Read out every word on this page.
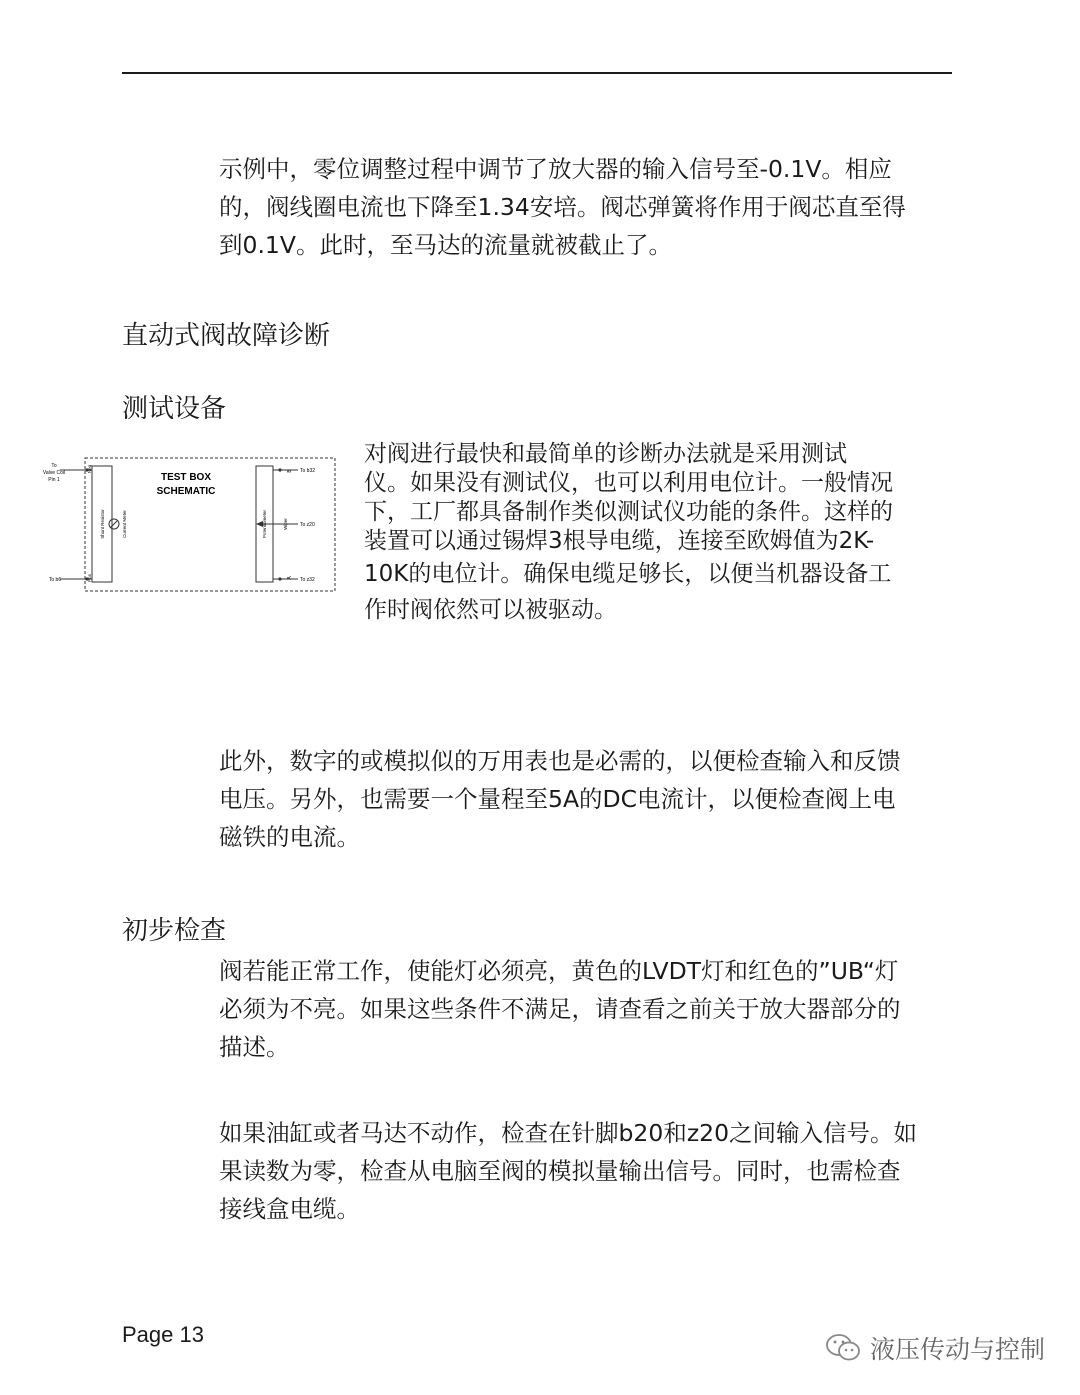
示例中，零位调整过程中调节了放大器的输入信号至-0.1V。相应
的，阀线圈电流也下降至1.34安培。阀芯弹簧将作用于阀芯直至得
到0.1V。此时，至马达的流量就被截止了。

直动式阀故障诊断
测试设备
TEST BOX
SCHEMATIC
To
Valve Coil
Pin 1
To b6
Neg
Pos
Shunt Resistor	Current Meter	Potentiometer	Wiper
B
A
To b32
To z20
To z32

对阀进行最快和最简单的诊断办法就是采用测试
仪。如果没有测试仪，也可以利用电位计。一般情况
下，工厂都具备制作类似测试仪功能的条件。这样的
装置可以通过锡焊3根导电缆，连接至欧姆值为2K-
10K的电位计。确保电缆足够长，以便当机器设备工
作时阀依然可以被驱动。

此外，数字的或模拟似的万用表也是必需的，以便检查输入和反馈
电压。另外，也需要一个量程至5A的DC电流计，以便检查阀上电
磁铁的电流。

初步检查

阀若能正常工作，使能灯必须亮，黄色的LVDT灯和红色的”UB“灯
必须为不亮。如果这些条件不满足，请查看之前关于放大器部分的
描述。

如果油缸或者马达不动作，检查在针脚b20和z20之间输入信号。如
果读数为零，检查从电脑至阀的模拟量输出信号。同时，也需检查
接线盒电缆。

Page 13
液压传动与控制
